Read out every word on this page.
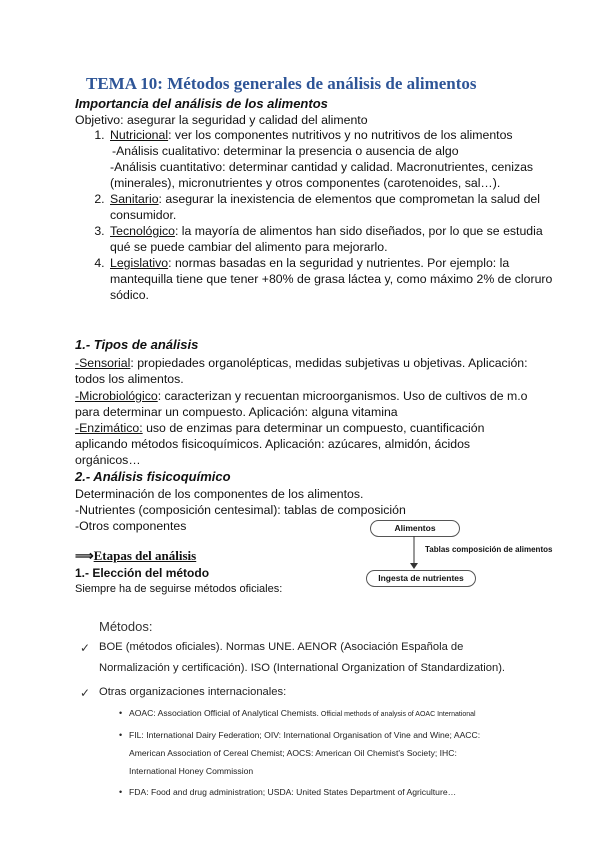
TEMA 10: Métodos generales de análisis de alimentos

Importancia del análisis de los alimentos

Objetivo: asegurar la seguridad y calidad del alimento

1. Nutricional: ver los componentes nutritivos y no nutritivos de los alimentos
-Análisis cualitativo: determinar la presencia o ausencia de algo
-Análisis cuantitativo: determinar cantidad y calidad. Macronutrientes, cenizas (minerales), micronutrientes y otros componentes (carotenoides, sal…).
2. Sanitario: asegurar la inexistencia de elementos que comprometan la salud del consumidor.
3. Tecnológico: la mayoría de alimentos han sido diseñados, por lo que se estudia qué se puede cambiar del alimento para mejorarlo.
4. Legislativo: normas basadas en la seguridad y nutrientes. Por ejemplo: la mantequilla tiene que tener +80% de grasa láctea y, como máximo 2% de cloruro sódico.

1.- Tipos de análisis

-Sensorial: propiedades organolépticas, medidas subjetivas u objetivas. Aplicación: todos los alimentos.

-Microbiológico: caracterizan y recuentan microorganismos. Uso de cultivos de m.o para determinar un compuesto. Aplicación: alguna vitamina

-Enzimático: uso de enzimas para determinar un compuesto, cuantificación aplicando métodos fisicoquímicos. Aplicación: azúcares, almidón, ácidos orgánicos…

2.- Análisis fisicoquímico

Determinación de los componentes de los alimentos.

-Nutrientes (composición centesimal): tablas de composición

-Otros componentes	Alimentos
Tablas composición de alimentos
Ingesta de nutrientes

⟹Etapas del análisis

1.- Elección del método

Siempre ha de seguirse métodos oficiales:

Métodos:

✓ BOE (métodos oficiales). Normas UNE. AENOR (Asociación Española de

Normalización y certificación). ISO (International Organization of Standardization).

✓ Otras organizaciones internacionales:

• AOAC: Association Official of Analytical Chemists. Official methods of analysis of AOAC International

• FIL: International Dairy Federation; OIV: International Organisation of Vine and Wine; AACC:

American Association of Cereal Chemist; AOCS: American Oil Chemist's Society; IHC:

International Honey Commission

• FDA: Food and drug administration; USDA: United States Department of Agriculture…
